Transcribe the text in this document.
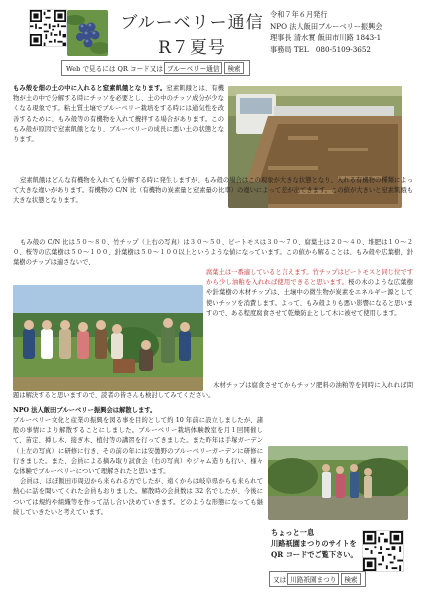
ブルーベリー通信
R７夏号
令和７年６月発行
NPO 法人飯田ブルーベリー振興会
理事長 清水實 飯田市川路 1843-1
事務局 TEL　080-5109-3652
Web で見るには QR コード又は ブルーベリー通信 検索

もみ殻を畑の土の中に入れると窒素飢餓となります。窒素飢餓とは、有機物が土の中で分解する時にチッソを必要とし、土の中のチッソ成分が少なくなる現象です。粘土質土壌でブルーベリー栽培をする時には通気性を改善するために、もみ殻等の有機物を入れて攪拌する場合があります。このもみ殻が原因で窒素飢餓となり、ブルーベリーの成長に悪い土の状態となります。

窒素飢餓はどんな有機物を入れても分解する時に発生しますが、もみ殻の場合はこの現象が大きな状態となり、入れる有機物の種類によって大きな違いがあります。有機物の C/N 比（有機物の炭素量と窒素量の比率）の違いによって差が出てきます。この値が大きいと窒素飢餓も大きな状態となります。

もみ殻の C/N 比は５０～８０、竹チップ（上右の写真）は３０～５０、ピートモスは３０～７０、腐葉土は２０～４０、堆肥は１０～２０、桜等の広葉樹は５０～１００、針葉樹は５０～１００以上というような値になっています。この値から解ることは、もみ殻や広葉樹、針葉樹のチップは適さないで、

腐葉土は一番適していると言えます。竹チップはピートモスと同じ位ですから少し油粕を入れれば使用できると思います。桜の木のような広葉樹や針葉樹の木材チップは、土壌中の微生物が炭素をエネルギー源として使いチッソを消費します。よって、もみ殻よりも悪い影響になると思いますので、ある程度腐食させて乾燥防止として木に被せて使用します。

木材チップは腐食させてからチッソ肥料の油粕等を同時に入れれば問題は解決すると思いますので、読者の皆さんも検討してみてください。

NPO 法人飯田ブルーベリー振興会は解散します。

ブルーベリー文化と産業の振興を図る事を目的として約 10 年前に設立しましたが、諸般の事情により解散することにしました。ブルーベリー栽培体験教室を月１回開催して、苗定、挿し木、接ぎ木、植付等の講習を行ってきました。また昨年は手塚ガーデン（上左の写真）に研修に行き、その前の年には安曇野のブルーベリーガーデンに研修に行きました。また、会員による摘み取り試食会（右の写真）やジャム造りも行い、様々な体験でブルーベリーについて理解されたと思います。

会員は、ほぼ飯田市周辺から来られる方でしたが、遠くからは岐阜県からも来られて熱心に話を聞いてくれた会員もおりました。解散時の会員数は 32 名でしたが、今後については規約や組織等を作って話し合い決めていきます。どのような形態になっても継続していきたいと考えています。

ちょっと一息
川路祇園まつりのサイトを
QR コードでご覧下さい。
又は 川路祇園まつり 検索
